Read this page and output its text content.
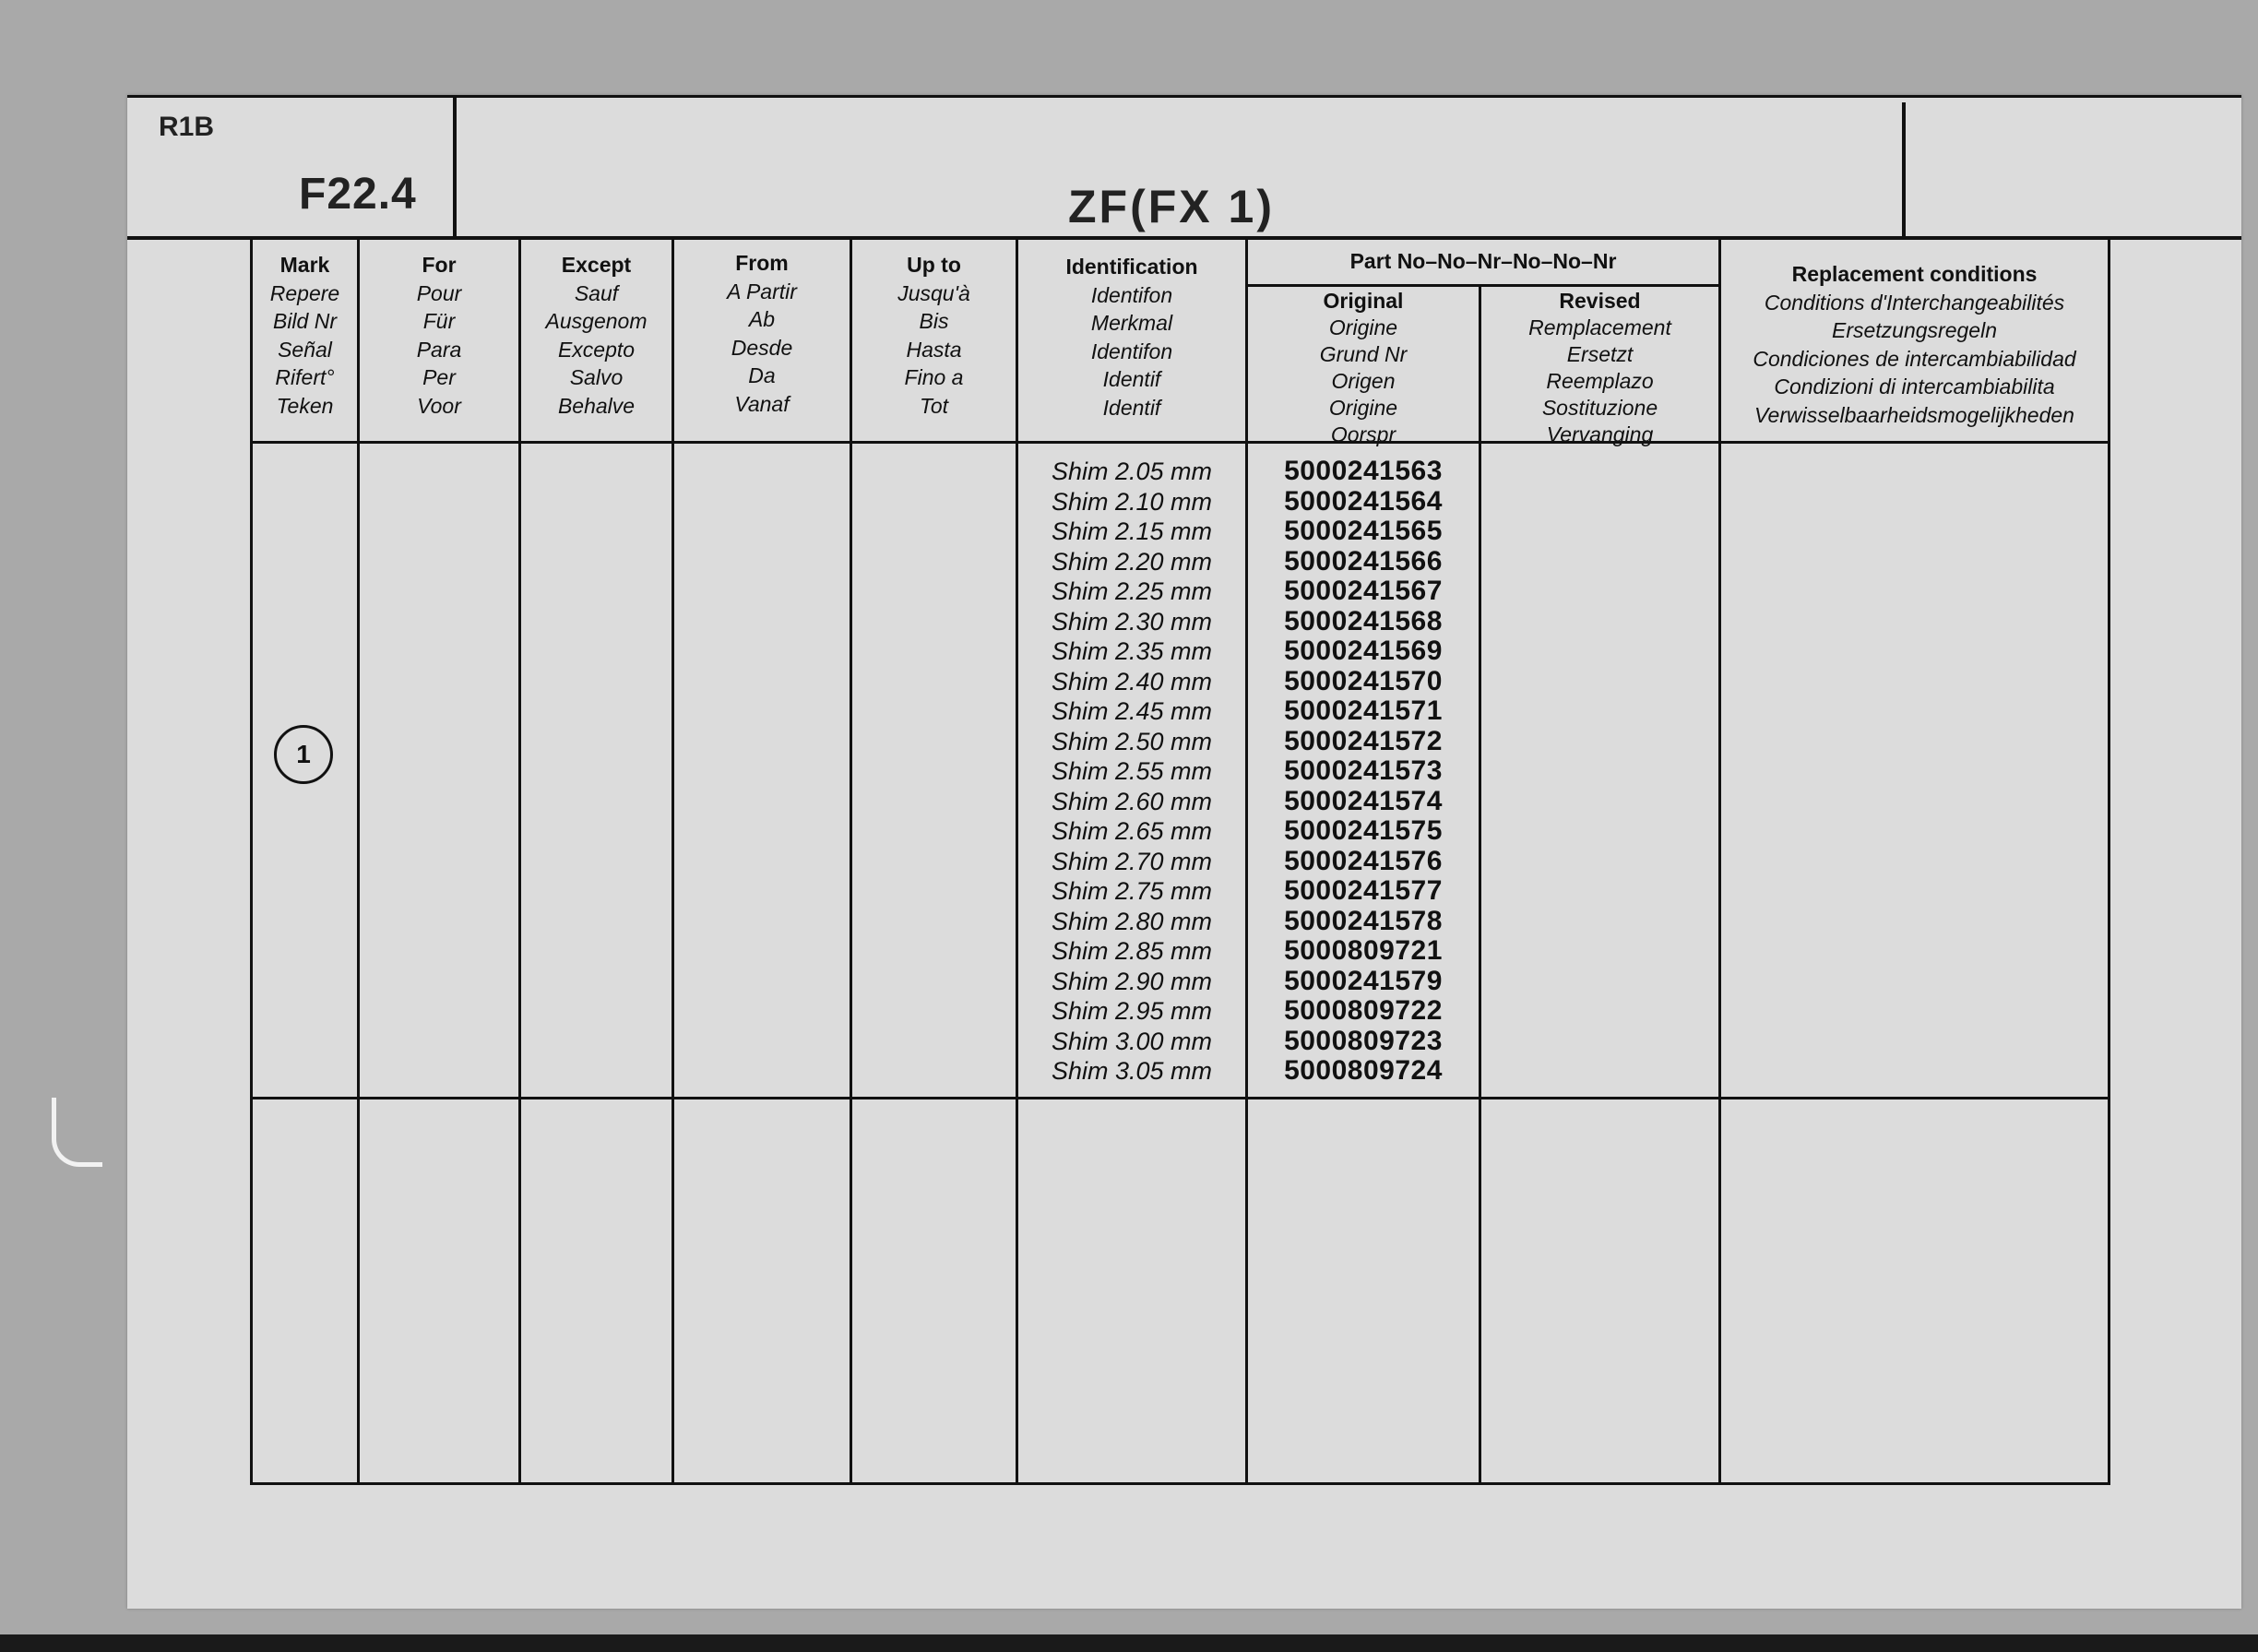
R1B
F22.4	ZF(FX 1)
Mark
Repere
Bild Nr
Señal
Rifert°
Teken
For
Pour
Für
Para
Per
Voor
Except
Sauf
Ausgenom
Excepto
Salvo
Behalve
From
A Partir
Ab
Desde
Da
Vanaf
Up to
Jusqu'à
Bis
Hasta
Fino a
Tot
Identification
Identifon
Merkmal
Identifon
Identif
Identif
Part No–No–Nr–No–No–Nr
Original
Origine
Grund Nr
Origen
Origine
Oorspr
Revised
Remplacement
Ersetzt
Reemplazo
Sostituzione
Vervanging
Replacement conditions
Conditions d'Interchangeabilités
Ersetzungsregeln
Condiciones de intercambiabilidad
Condizioni di intercambiabilita
Verwisselbaarheidsmogelijkheden
1
Shim 2.05 mm
Shim 2.10 mm
Shim 2.15 mm
Shim 2.20 mm
Shim 2.25 mm
Shim 2.30 mm
Shim 2.35 mm
Shim 2.40 mm
Shim 2.45 mm
Shim 2.50 mm
Shim 2.55 mm
Shim 2.60 mm
Shim 2.65 mm
Shim 2.70 mm
Shim 2.75 mm
Shim 2.80 mm
Shim 2.85 mm
Shim 2.90 mm
Shim 2.95 mm
Shim 3.00 mm
Shim 3.05 mm
5000241563
5000241564
5000241565
5000241566
5000241567
5000241568
5000241569
5000241570
5000241571
5000241572
5000241573
5000241574
5000241575
5000241576
5000241577
5000241578
5000809721
5000241579
5000809722
5000809723
5000809724
